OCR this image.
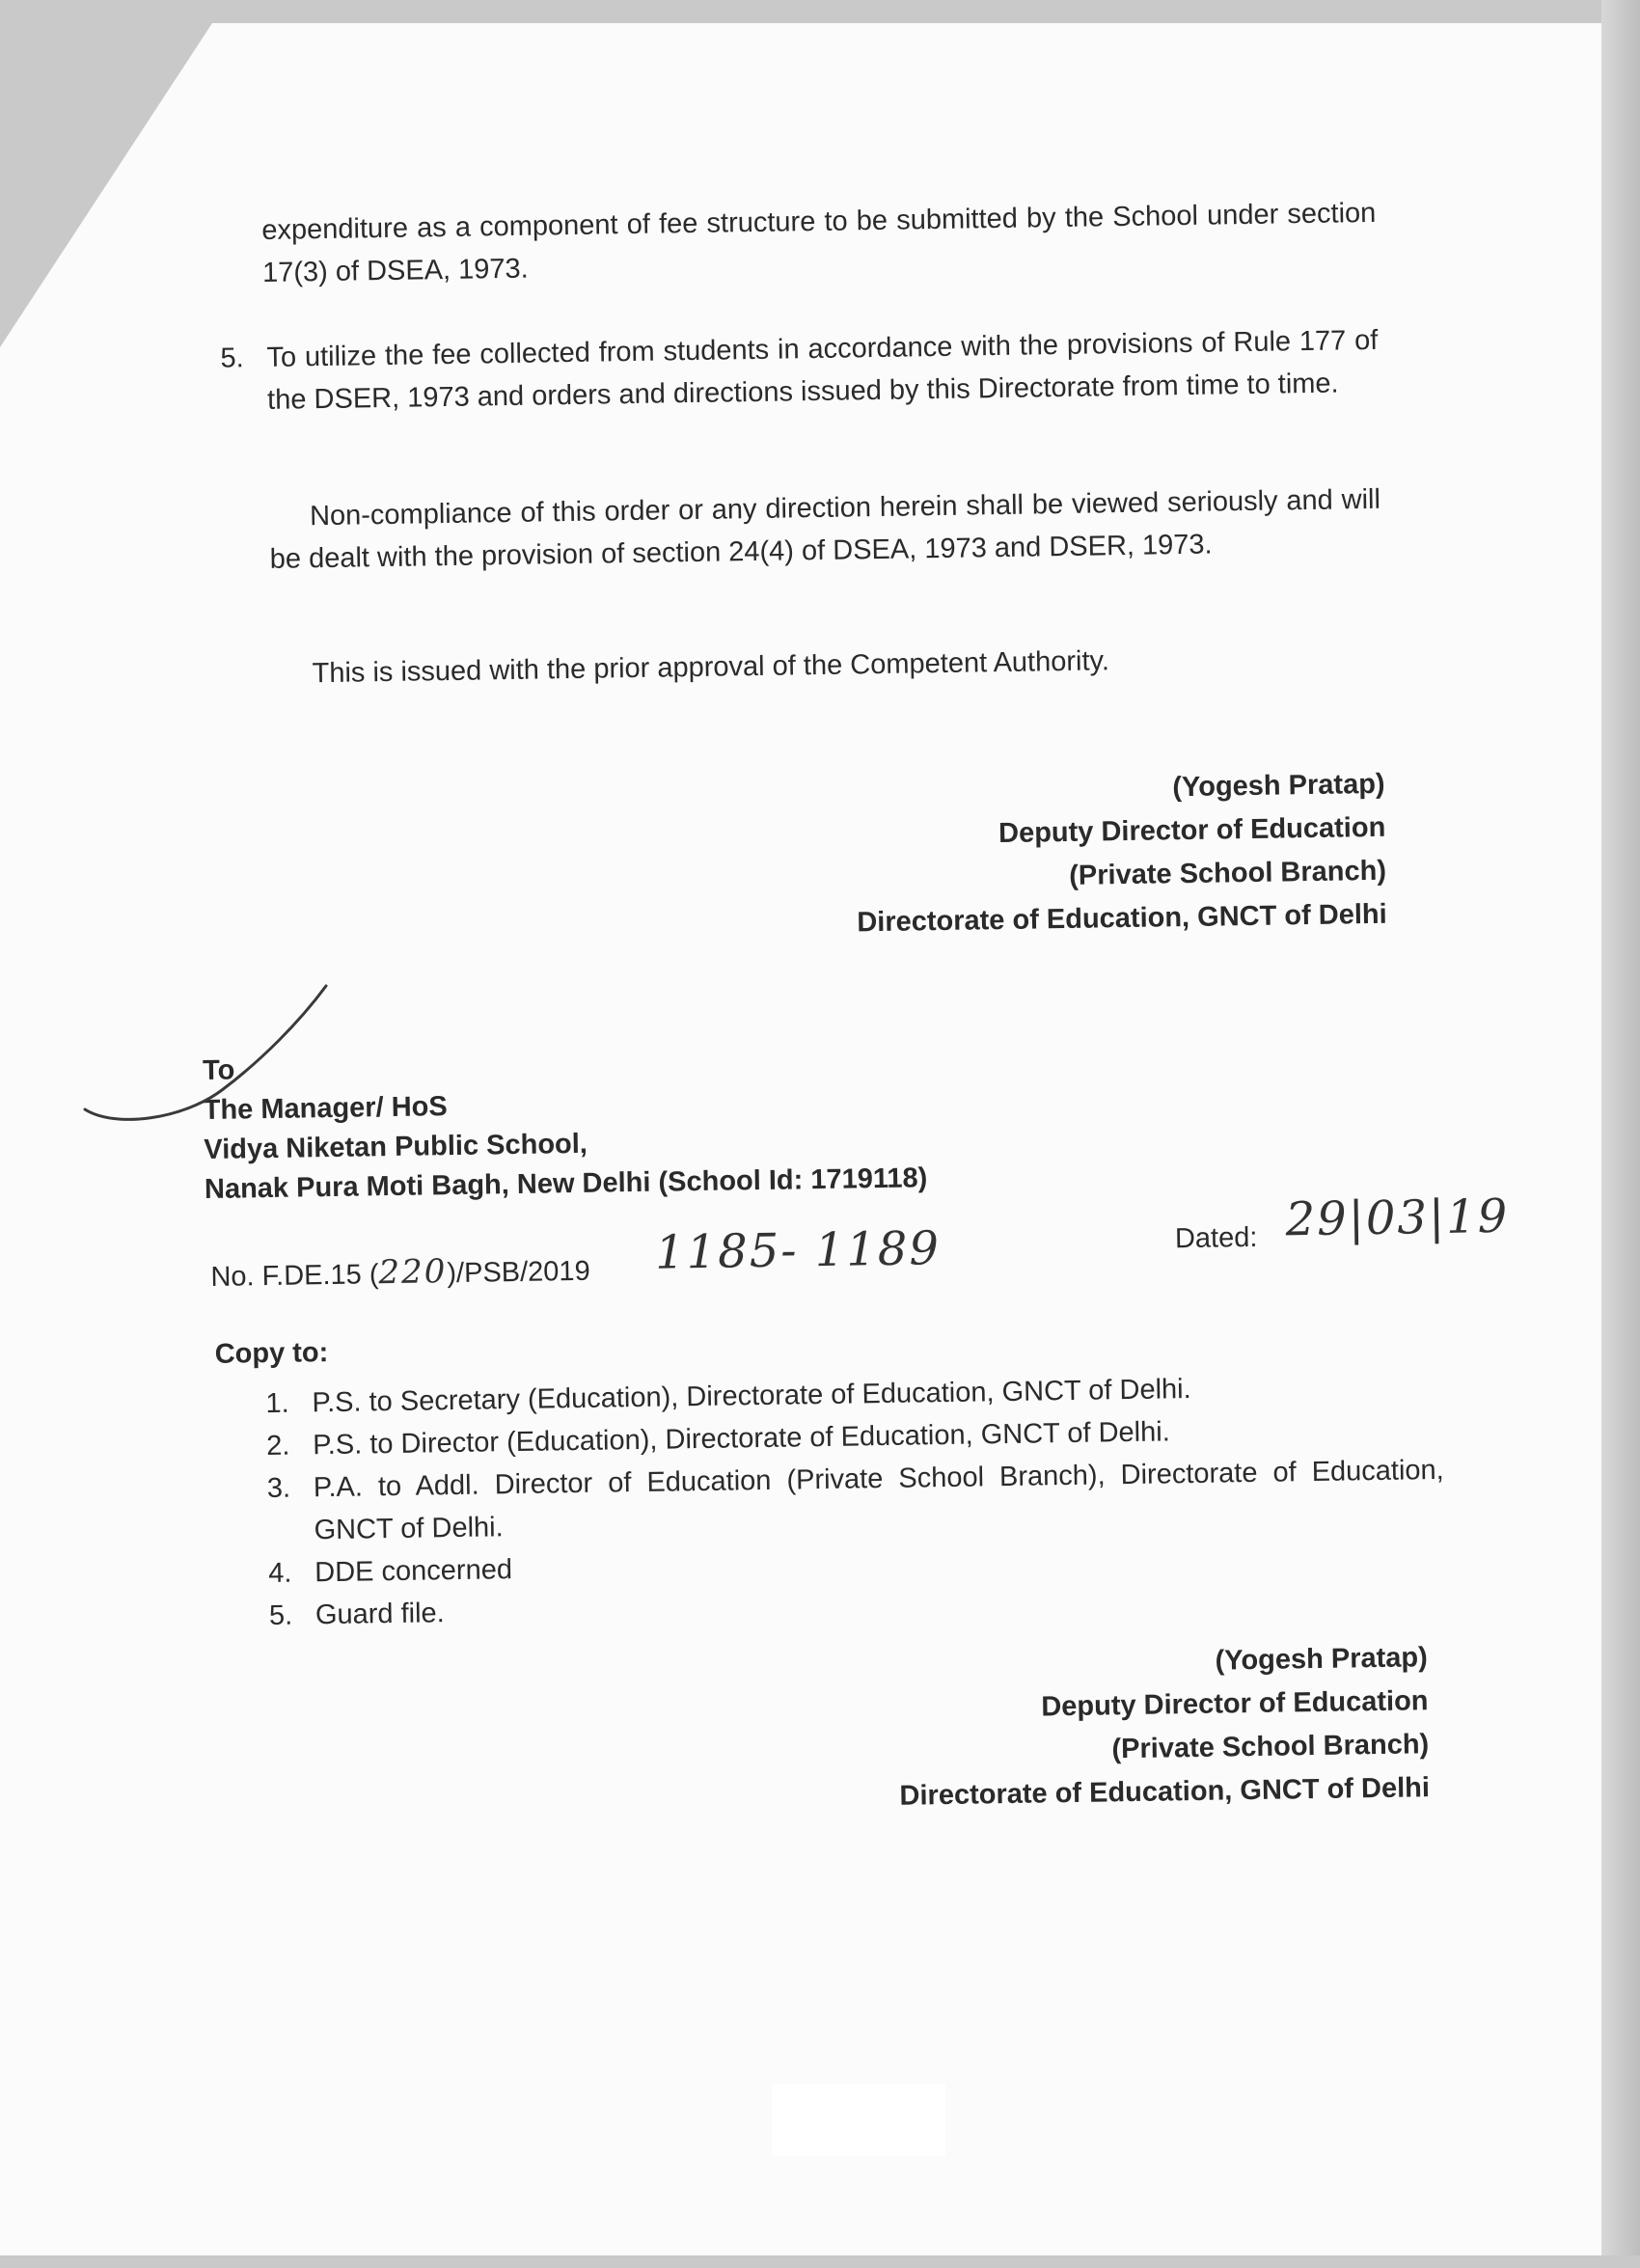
expenditure as a component of fee structure to be submitted by the School under section 17(3) of DSEA, 1973.
5. To utilize the fee collected from students in accordance with the provisions of Rule 177 of the DSER, 1973 and orders and directions issued by this Directorate from time to time.
Non-compliance of this order or any direction herein shall be viewed seriously and will be dealt with the provision of section 24(4) of DSEA, 1973 and DSER, 1973.
This is issued with the prior approval of the Competent Authority.
(Yogesh Pratap)
Deputy Director of Education
(Private School Branch)
Directorate of Education, GNCT of Delhi
To
The Manager/ HoS
Vidya Niketan Public School,
Nanak Pura Moti Bagh, New Delhi (School Id: 1719118)
No. F.DE.15 (220)/PSB/2019	1185- 1189	Dated: 29|03|19
Copy to:
1. P.S. to Secretary (Education), Directorate of Education, GNCT of Delhi.
2. P.S. to Director (Education), Directorate of Education, GNCT of Delhi.
3. P.A. to Addl. Director of Education (Private School Branch), Directorate of Education, GNCT of Delhi.
4. DDE concerned
5. Guard file.
(Yogesh Pratap)
Deputy Director of Education
(Private School Branch)
Directorate of Education, GNCT of Delhi
